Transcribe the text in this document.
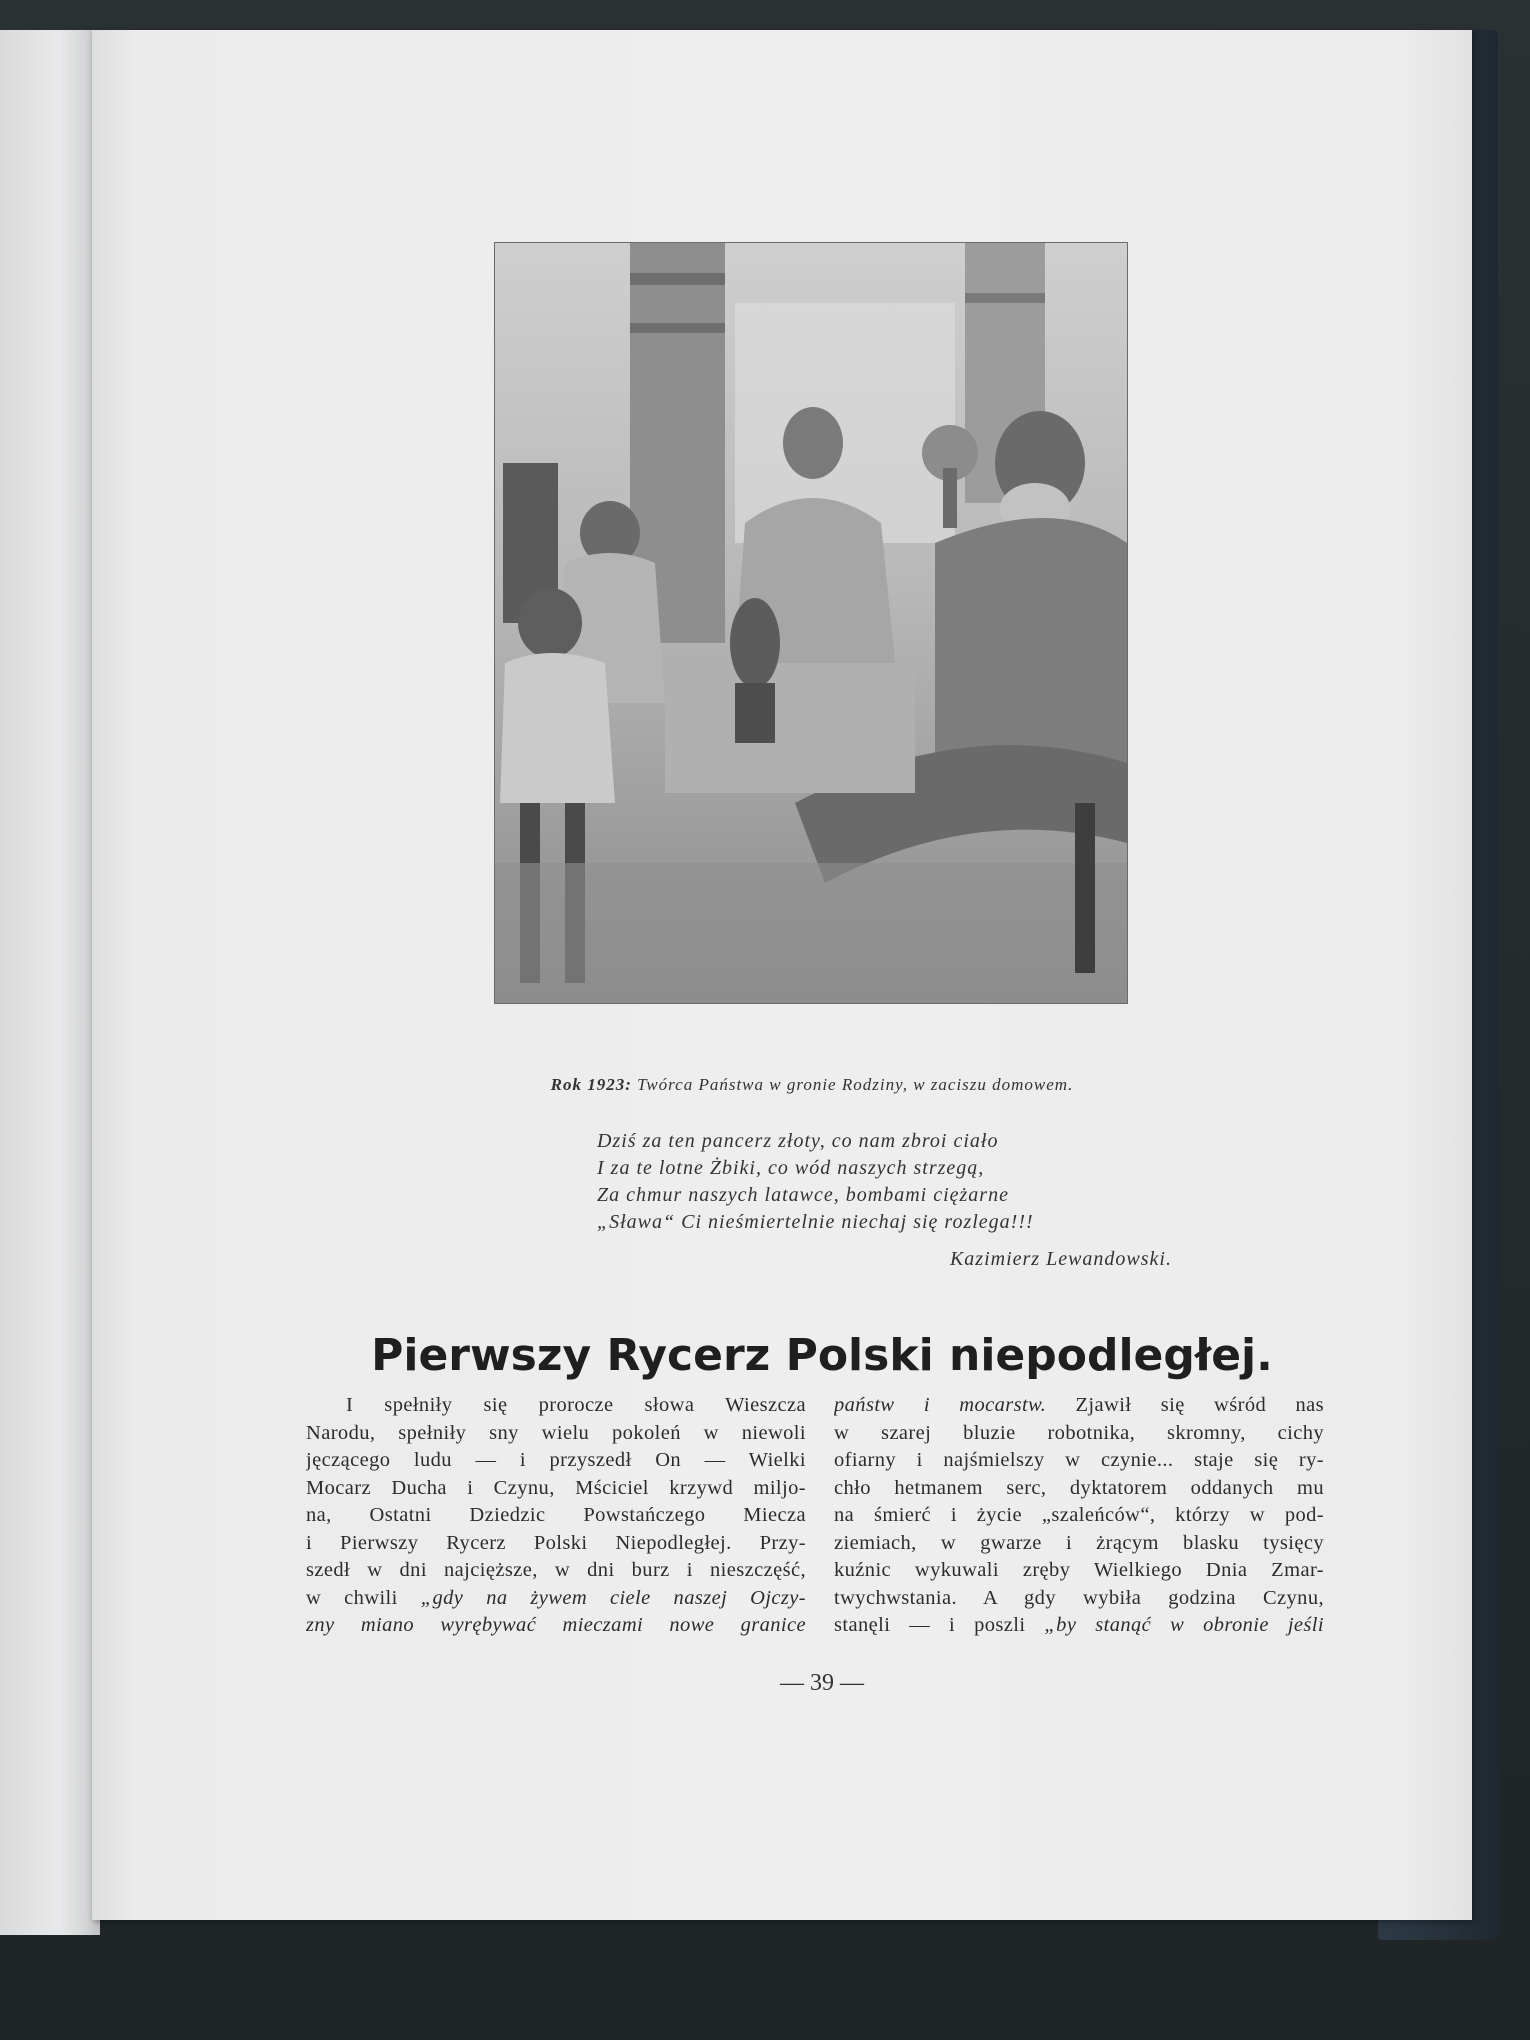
Rok 1923: Twórca Państwa w gronie Rodziny, w zaciszu domowem.
Dziś za ten pancerz złoty, co nam zbroi ciało
I za te lotne Żbiki, co wód naszych strzegą,
Za chmur naszych latawce, bombami ciężarne
„Sława“ Ci nieśmiertelnie niechaj się rozlega!!!
Kazimierz Lewandowski.
Pierwszy Rycerz Polski niepodległej.
I spełniły się prorocze słowa Wieszcza
Narodu, spełniły sny wielu pokoleń w niewoli
jęczącego ludu — i przyszedł On — Wielki
Mocarz Ducha i Czynu, Mściciel krzywd miljo-
na, Ostatni Dziedzic Powstańczego Miecza
i Pierwszy Rycerz Polski Niepodległej. Przy-
szedł w dni najcięższe, w dni burz i nieszczęść,
w chwili „gdy na żywem ciele naszej Ojczy-
zny miano wyrębywać mieczami nowe granice
państw i mocarstw. Zjawił się wśród nas
w szarej bluzie robotnika, skromny, cichy
ofiarny i najśmielszy w czynie... staje się ry-
chło hetmanem serc, dyktatorem oddanych mu
na śmierć i życie „szaleńców“, którzy w pod-
ziemiach, w gwarze i żrącym blasku tysięcy
kuźnic wykuwali zręby Wielkiego Dnia Zmar-
twychwstania. A gdy wybiła godzina Czynu,
stanęli — i poszli „by stanąć w obronie jeśli
— 39 —
